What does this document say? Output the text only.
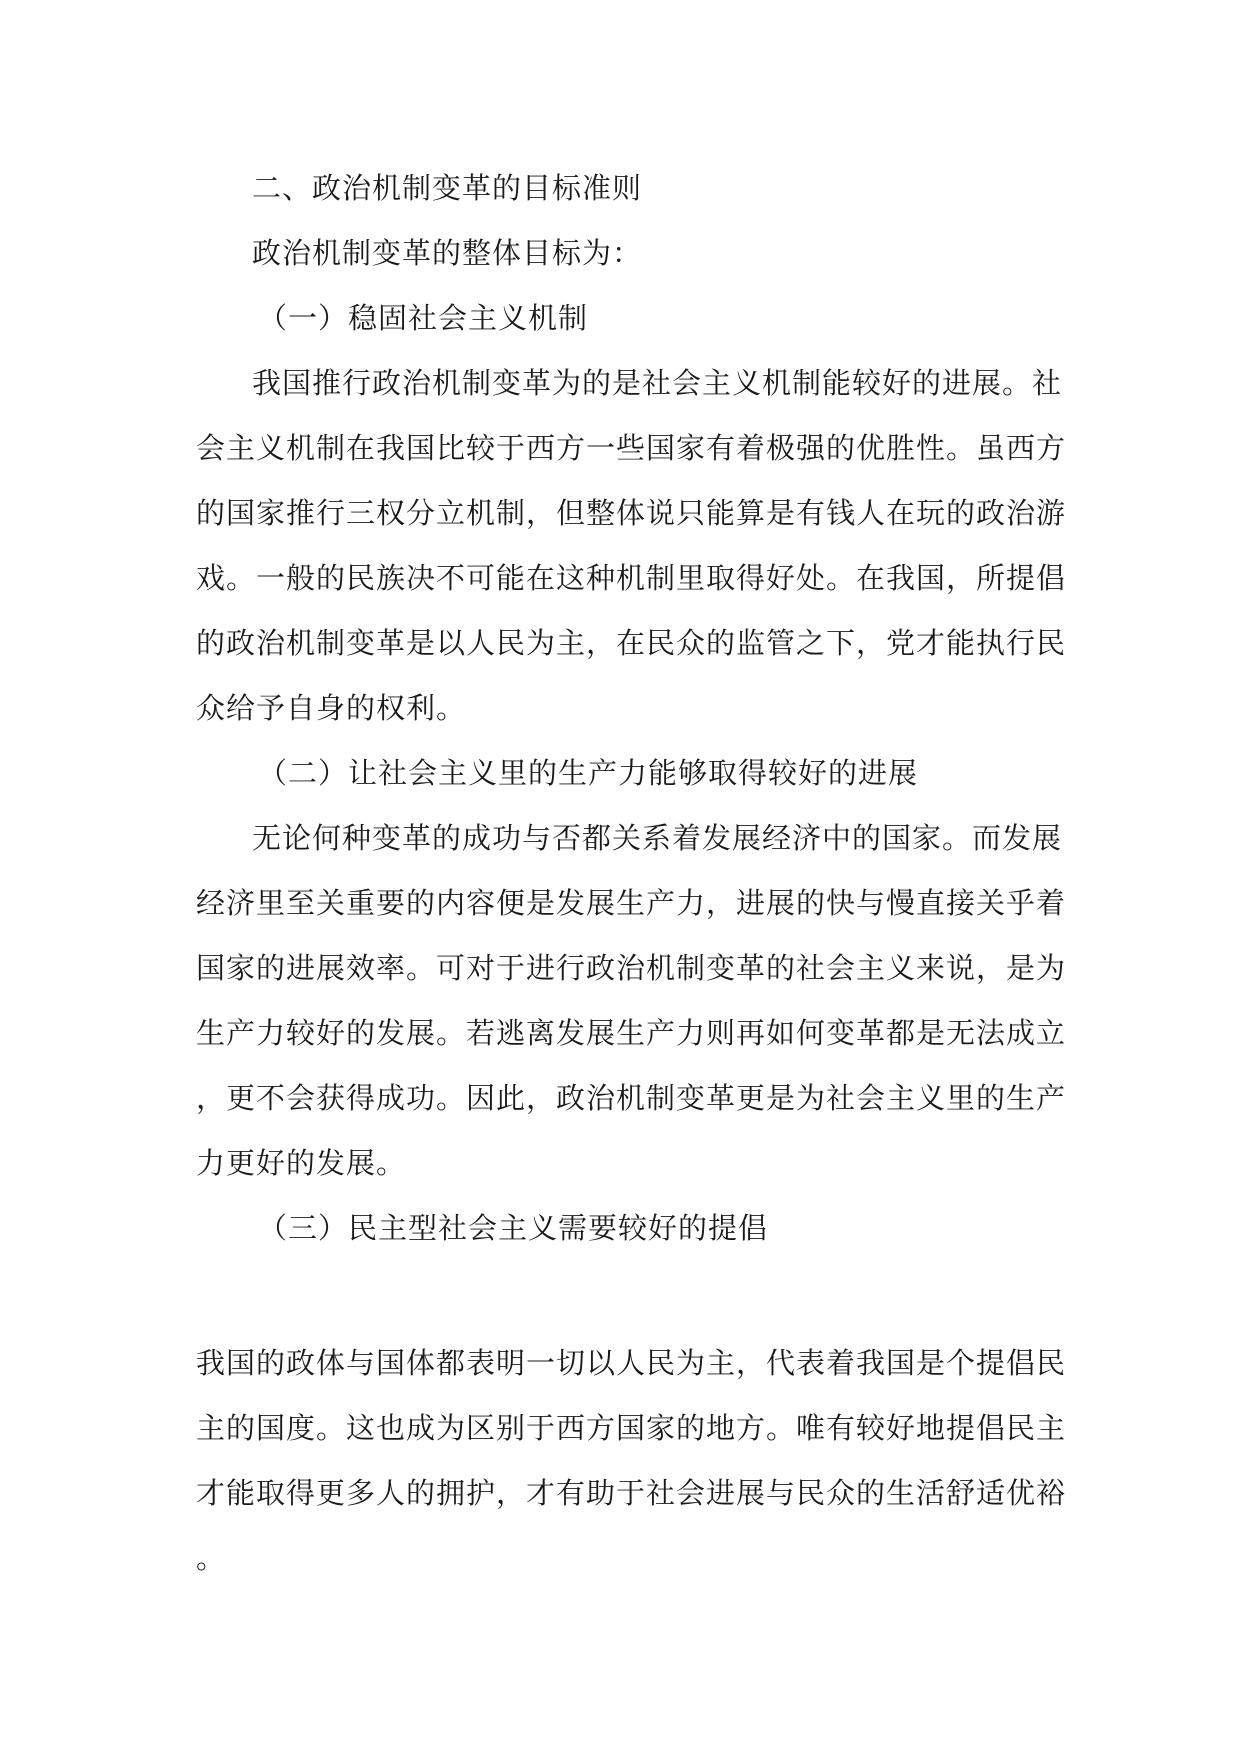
二、政治机制变革的目标准则
政治机制变革的整体目标为：
（一）稳固社会主义机制
我国推行政治机制变革为的是社会主义机制能较好的进展。社
会主义机制在我国比较于西方一些国家有着极强的优胜性。虽西方
的国家推行三权分立机制，但整体说只能算是有钱人在玩的政治游
戏。一般的民族决不可能在这种机制里取得好处。在我国，所提倡
的政治机制变革是以人民为主，在民众的监管之下，党才能执行民
众给予自身的权利。
（二）让社会主义里的生产力能够取得较好的进展
无论何种变革的成功与否都关系着发展经济中的国家。而发展
经济里至关重要的内容便是发展生产力，进展的快与慢直接关乎着
国家的进展效率。可对于进行政治机制变革的社会主义来说，是为
生产力较好的发展。若逃离发展生产力则再如何变革都是无法成立
，更不会获得成功。因此，政治机制变革更是为社会主义里的生产
力更好的发展。
（三）民主型社会主义需要较好的提倡
我国的政体与国体都表明一切以人民为主，代表着我国是个提倡民
主的国度。这也成为区别于西方国家的地方。唯有较好地提倡民主
才能取得更多人的拥护，才有助于社会进展与民众的生活舒适优裕
。
